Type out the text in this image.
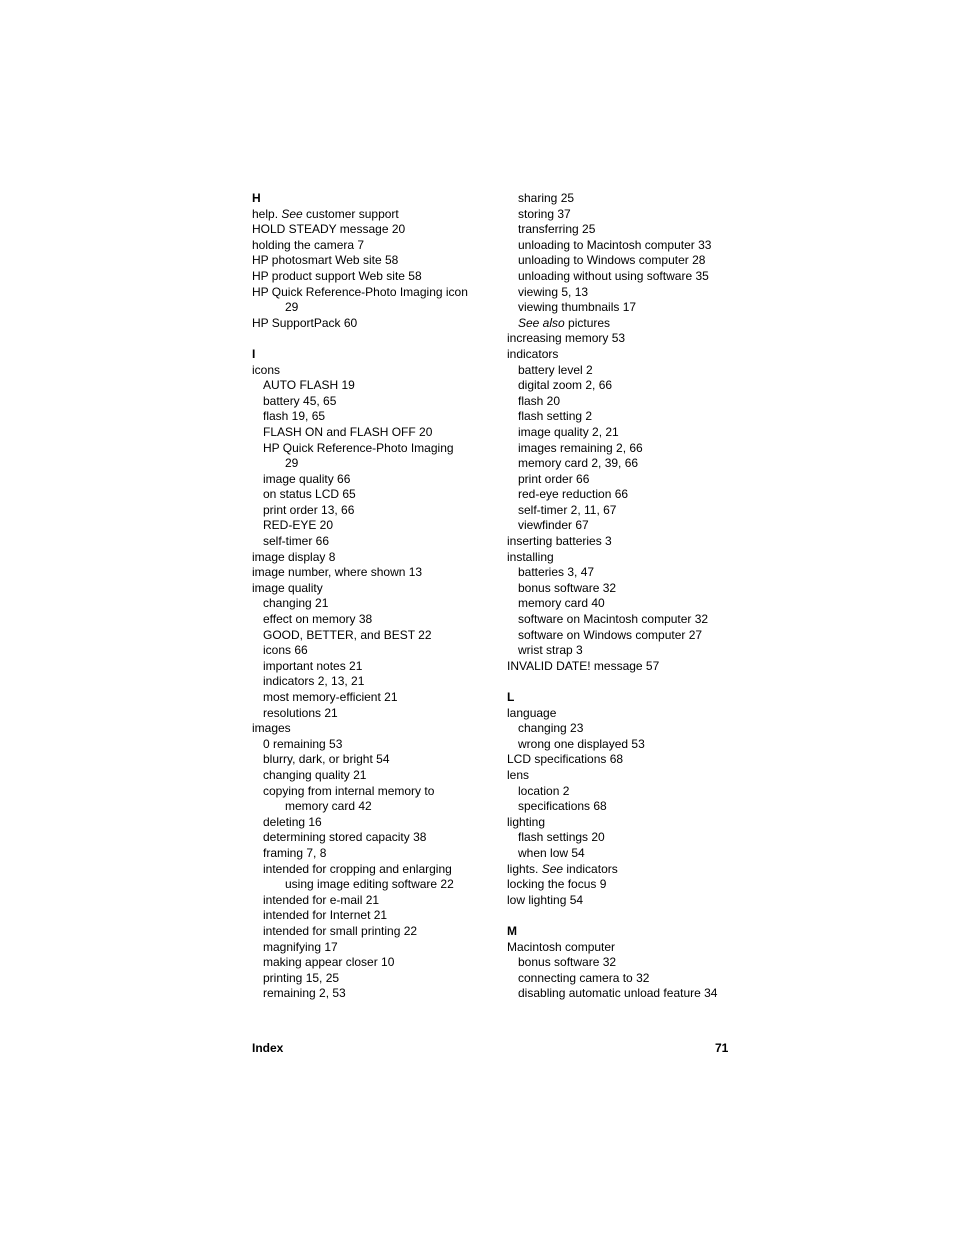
H
help. See customer support
HOLD STEADY message 20
holding the camera 7
HP photosmart Web site 58
HP product support Web site 58
HP Quick Reference-Photo Imaging icon
29
HP SupportPack 60
I
icons
AUTO FLASH 19
battery 45, 65
flash 19, 65
FLASH ON and FLASH OFF 20
HP Quick Reference-Photo Imaging
29
image quality 66
on status LCD 65
print order 13, 66
RED-EYE 20
self-timer 66
image display 8
image number, where shown 13
image quality
changing 21
effect on memory 38
GOOD, BETTER, and BEST 22
icons 66
important notes 21
indicators 2, 13, 21
most memory-efficient 21
resolutions 21
images
0 remaining 53
blurry, dark, or bright 54
changing quality 21
copying from internal memory to
memory card 42
deleting 16
determining stored capacity 38
framing 7, 8
intended for cropping and enlarging
using image editing software 22
intended for e-mail 21
intended for Internet 21
intended for small printing 22
magnifying 17
making appear closer 10
printing 15, 25
remaining 2, 53
sharing 25
storing 37
transferring 25
unloading to Macintosh computer 33
unloading to Windows computer 28
unloading without using software 35
viewing 5, 13
viewing thumbnails 17
See also pictures
increasing memory 53
indicators
battery level 2
digital zoom 2, 66
flash 20
flash setting 2
image quality 2, 21
images remaining 2, 66
memory card 2, 39, 66
print order 66
red-eye reduction 66
self-timer 2, 11, 67
viewfinder 67
inserting batteries 3
installing
batteries 3, 47
bonus software 32
memory card 40
software on Macintosh computer 32
software on Windows computer 27
wrist strap 3
INVALID DATE! message 57
L
language
changing 23
wrong one displayed 53
LCD specifications 68
lens
location 2
specifications 68
lighting
flash settings 20
when low 54
lights. See indicators
locking the focus 9
low lighting 54
M
Macintosh computer
bonus software 32
connecting camera to 32
disabling automatic unload feature 34
Index	71
